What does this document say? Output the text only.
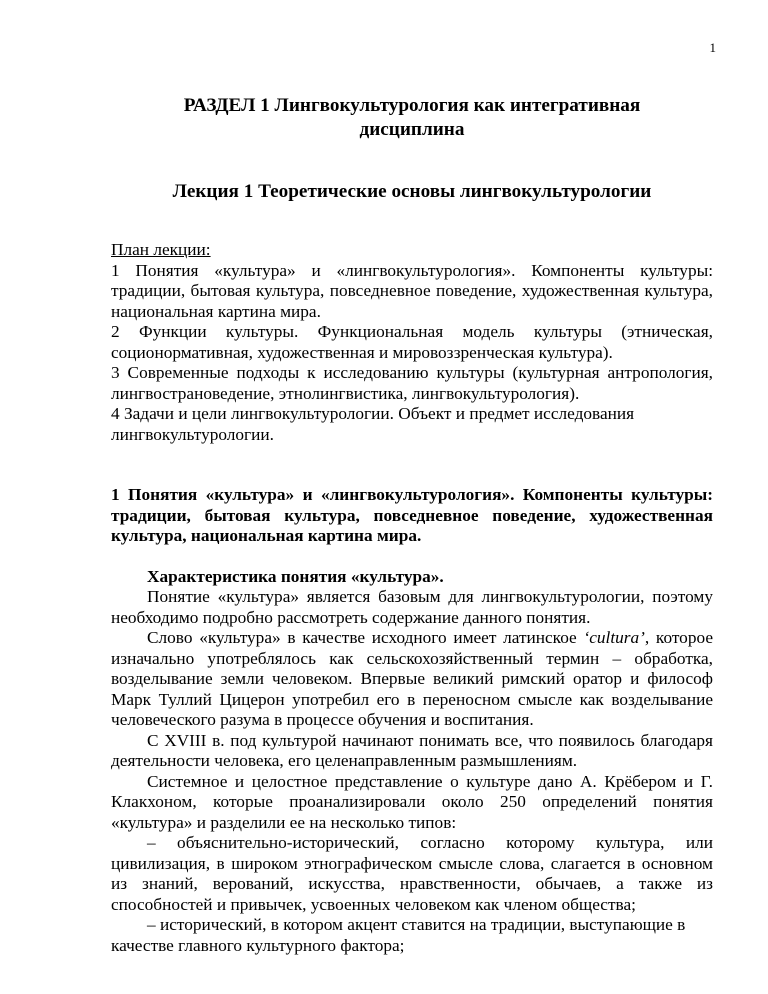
1
РАЗДЕЛ 1 Лингвокультурология как интегративная дисциплина
Лекция 1 Теоретические основы лингвокультурологии

План лекции:

1 Понятия «культура» и «лингвокультурология». Компоненты культуры: традиции, бытовая культура, повседневное поведение, художественная культура, национальная картина мира.

2 Функции культуры. Функциональная модель культуры (этническая, соционормативная, художественная и мировоззренческая культура).

3 Современные подходы к исследованию культуры (культурная антропология, лингвострановедение, этнолингвистика, лингвокультурология).

4 Задачи и цели лингвокультурологии. Объект и предмет исследования лингвокультурологии.

1 Понятия «культура» и «лингвокультурология». Компоненты культуры: традиции, бытовая культура, повседневное поведение, художественная культура, национальная картина мира.

Характеристика понятия «культура».

Понятие «культура» является базовым для лингвокультурологии, поэтому необходимо подробно рассмотреть содержание данного понятия.

Слово «культура» в качестве исходного имеет латинское ‘cultura’, которое изначально употреблялось как сельскохозяйственный термин – обработка, возделывание земли человеком. Впервые великий римский оратор и философ Марк Туллий Цицерон употребил его в переносном смысле как возделывание человеческого разума в процессе обучения и воспитания.

С XVIII в. под культурой начинают понимать все, что появилось благодаря деятельности человека, его целенаправленным размышлениям.

Системное и целостное представление о культуре дано А. Крёбером и Г. Клакхоном, которые проанализировали около 250 определений понятия «культура» и разделили ее на несколько типов:

– объяснительно-исторический, согласно которому культура, или цивилизация, в широком этнографическом смысле слова, слагается в основном из знаний, верований, искусства, нравственности, обычаев, а также из способностей и привычек, усвоенных человеком как членом общества;

– исторический, в котором акцент ставится на традиции, выступающие в качестве главного культурного фактора;
